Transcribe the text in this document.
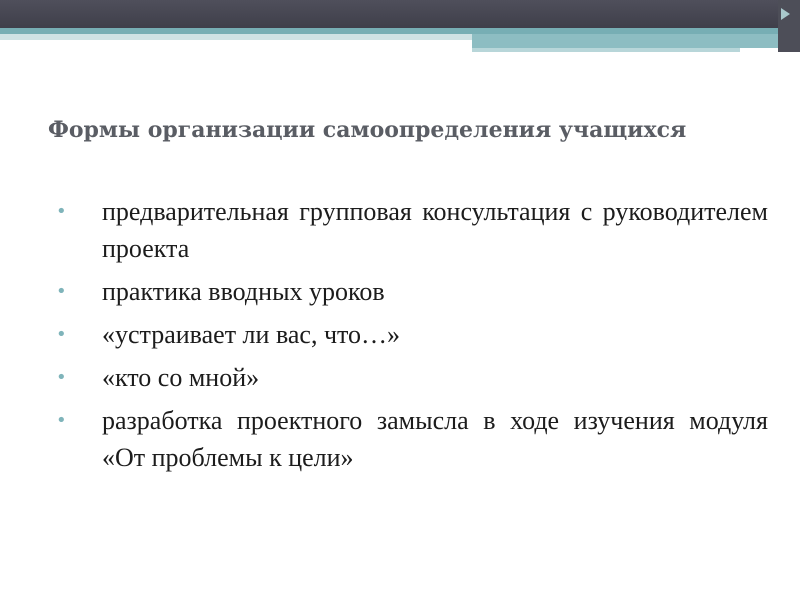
Формы организации самоопределения учащихся
•	предварительная групповая консультация с руководителем проекта
•	практика вводных уроков
•	«устраивает ли вас, что…»
•	«кто со мной»
•	разработка проектного замысла в ходе изучения модуля «От проблемы к цели»
